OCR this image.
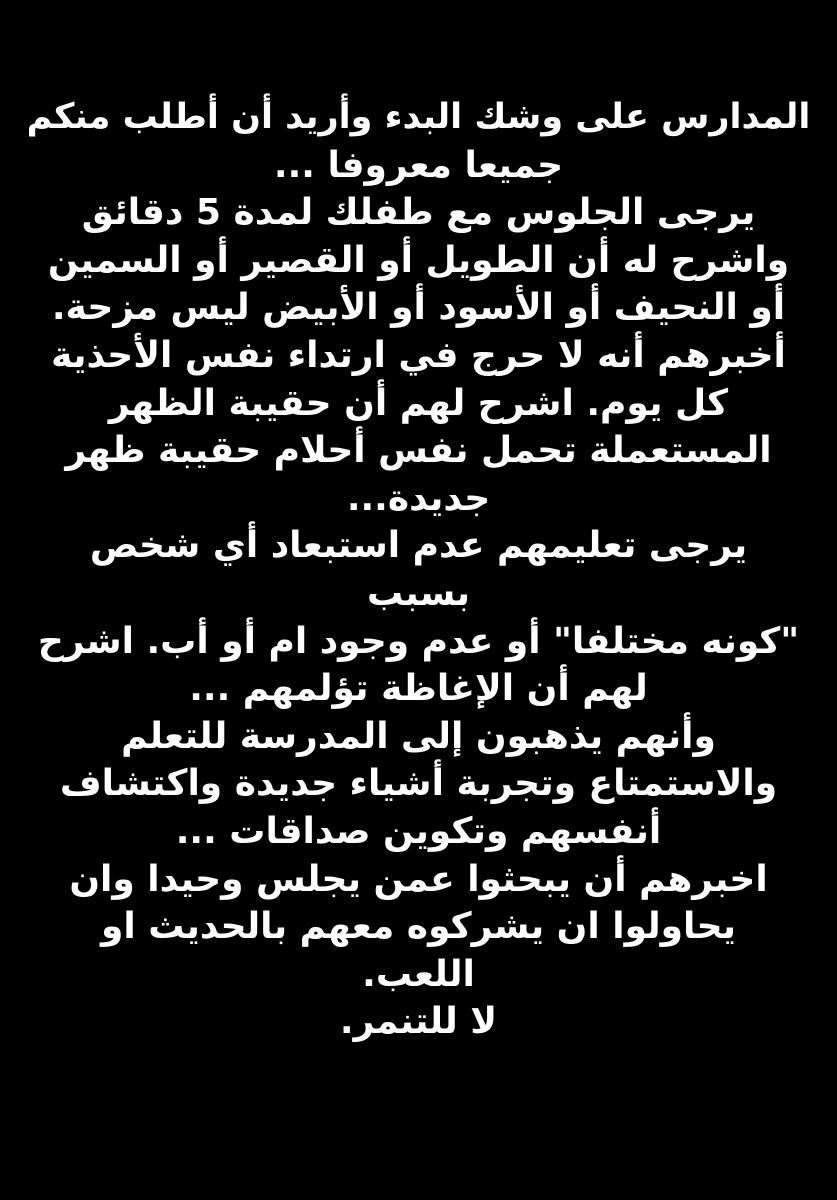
المدارس على وشك البدء وأريد أن أطلب منكم
جميعا معروفا ...
يرجى الجلوس مع طفلك لمدة 5 دقائق
واشرح له أن الطويل أو القصير أو السمين
أو النحيف أو الأسود أو الأبيض ليس مزحة.
أخبرهم أنه لا حرج في ارتداء نفس الأحذية
كل يوم. اشرح لهم أن حقيبة الظهر
المستعملة تحمل نفس أحلام حقيبة ظهر
جديدة...
يرجى تعليمهم عدم استبعاد أي شخص
بسبب
"كونه مختلفا" أو عدم وجود ام أو أب. اشرح
لهم أن الإغاظة تؤلمهم ...
وأنهم يذهبون إلى المدرسة للتعلم
والاستمتاع وتجربة أشياء جديدة واكتشاف
أنفسهم وتكوين صداقات ...
اخبرهم أن يبحثوا عمن يجلس وحيدا وان
يحاولوا ان يشركوه معهم بالحديث او
اللعب.
لا للتنمر.
